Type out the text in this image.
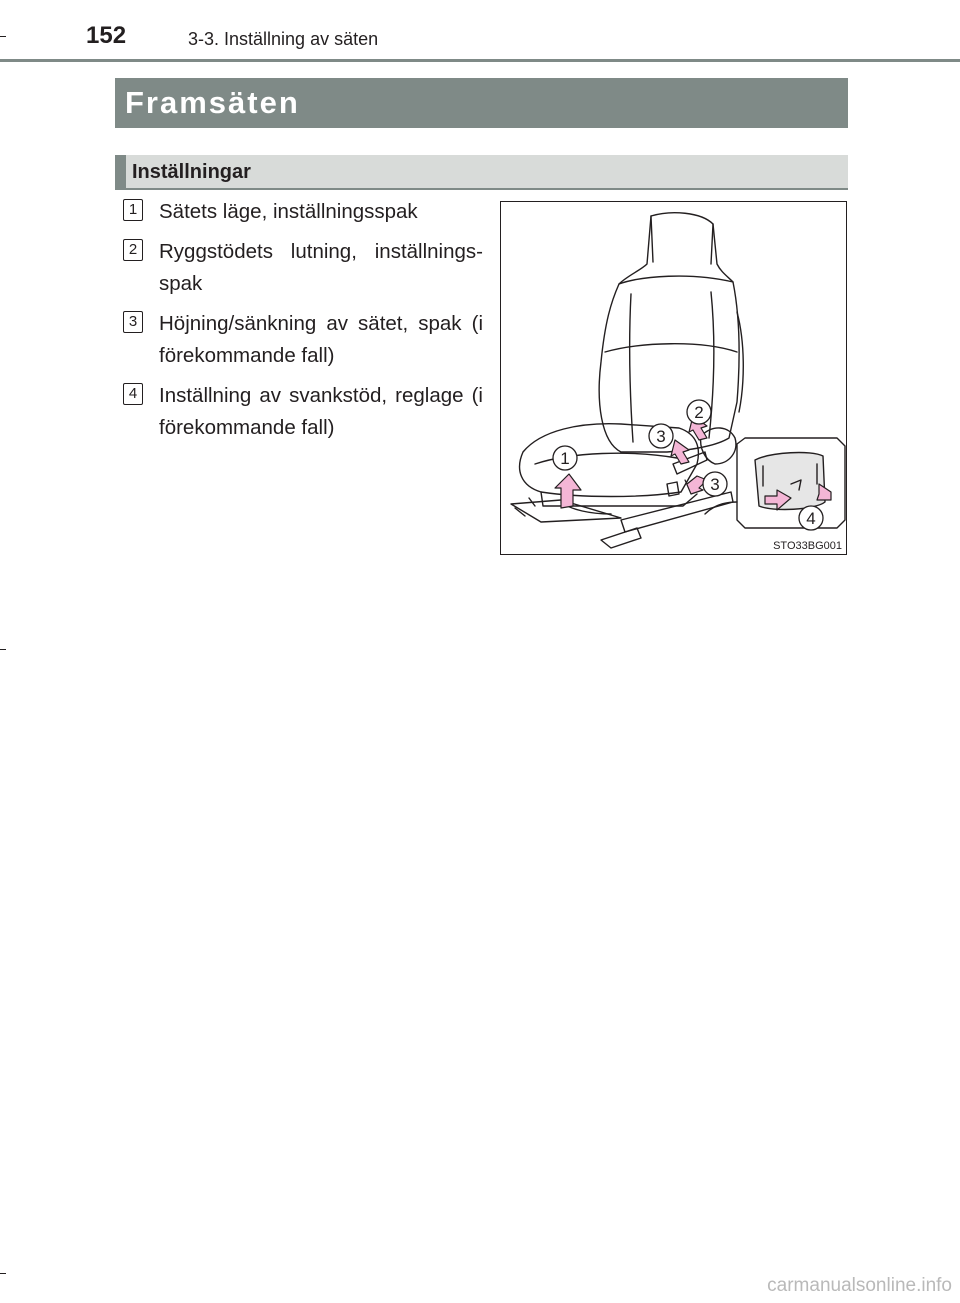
152	3-3. Inställning av säten
Framsäten
Inställningar
1 Sätets läge, inställningsspak
2 Ryggstödets lutning, inställnings-spak
3 Höjning/sänkning av sätet, spak (i förekommande fall)
4 Inställning av svankstöd, reglage (i förekommande fall)
1
2
3
3
4
STO33BG001
carmanualsonline.info
